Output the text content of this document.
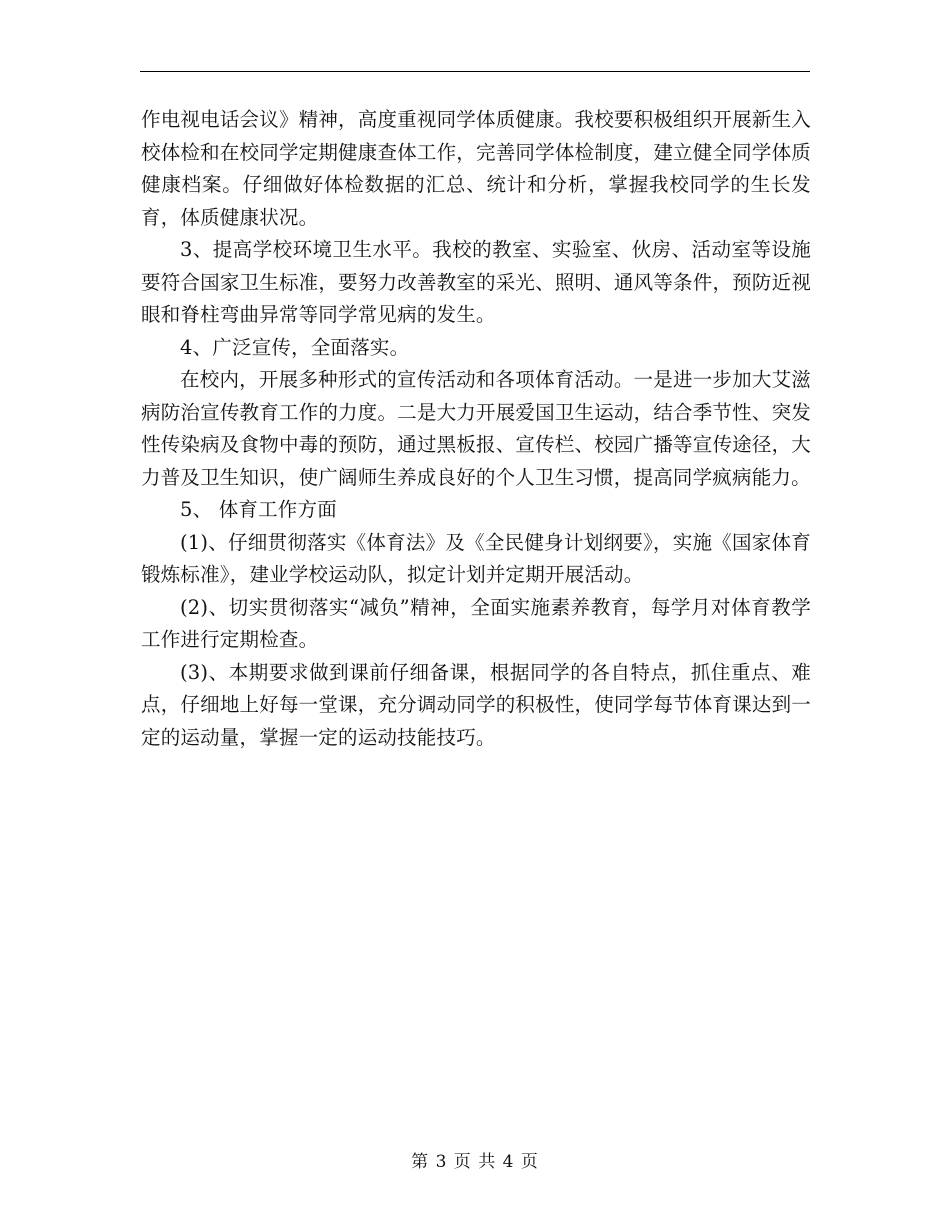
作电视电话会议》精神，高度重视同学体质健康。我校要积极组织开展新生入校体检和在校同学定期健康查体工作，完善同学体检制度，建立健全同学体质健康档案。仔细做好体检数据的汇总、统计和分析，掌握我校同学的生长发育，体质健康状况。

3、提高学校环境卫生水平。我校的教室、实验室、伙房、活动室等设施要符合国家卫生标准，要努力改善教室的采光、照明、通风等条件，预防近视眼和脊柱弯曲异常等同学常见病的发生。

4、广泛宣传，全面落实。

在校内，开展多种形式的宣传活动和各项体育活动。一是进一步加大艾滋病防治宣传教育工作的力度。二是大力开展爱国卫生运动，结合季节性、突发性传染病及食物中毒的预防，通过黑板报、宣传栏、校园广播等宣传途径，大力普及卫生知识，使广阔师生养成良好的个人卫生习惯，提高同学疯病能力。

5、 体育工作方面

(1)、仔细贯彻落实《体育法》及《全民健身计划纲要》，实施《国家体育锻炼标准》，建业学校运动队，拟定计划并定期开展活动。

(2)、切实贯彻落实“减负”精神，全面实施素养教育，每学月对体育教学工作进行定期检查。

(3)、本期要求做到课前仔细备课，根据同学的各自特点，抓住重点、难点，仔细地上好每一堂课，充分调动同学的积极性，使同学每节体育课达到一定的运动量，掌握一定的运动技能技巧。

第 3 页 共 4 页
